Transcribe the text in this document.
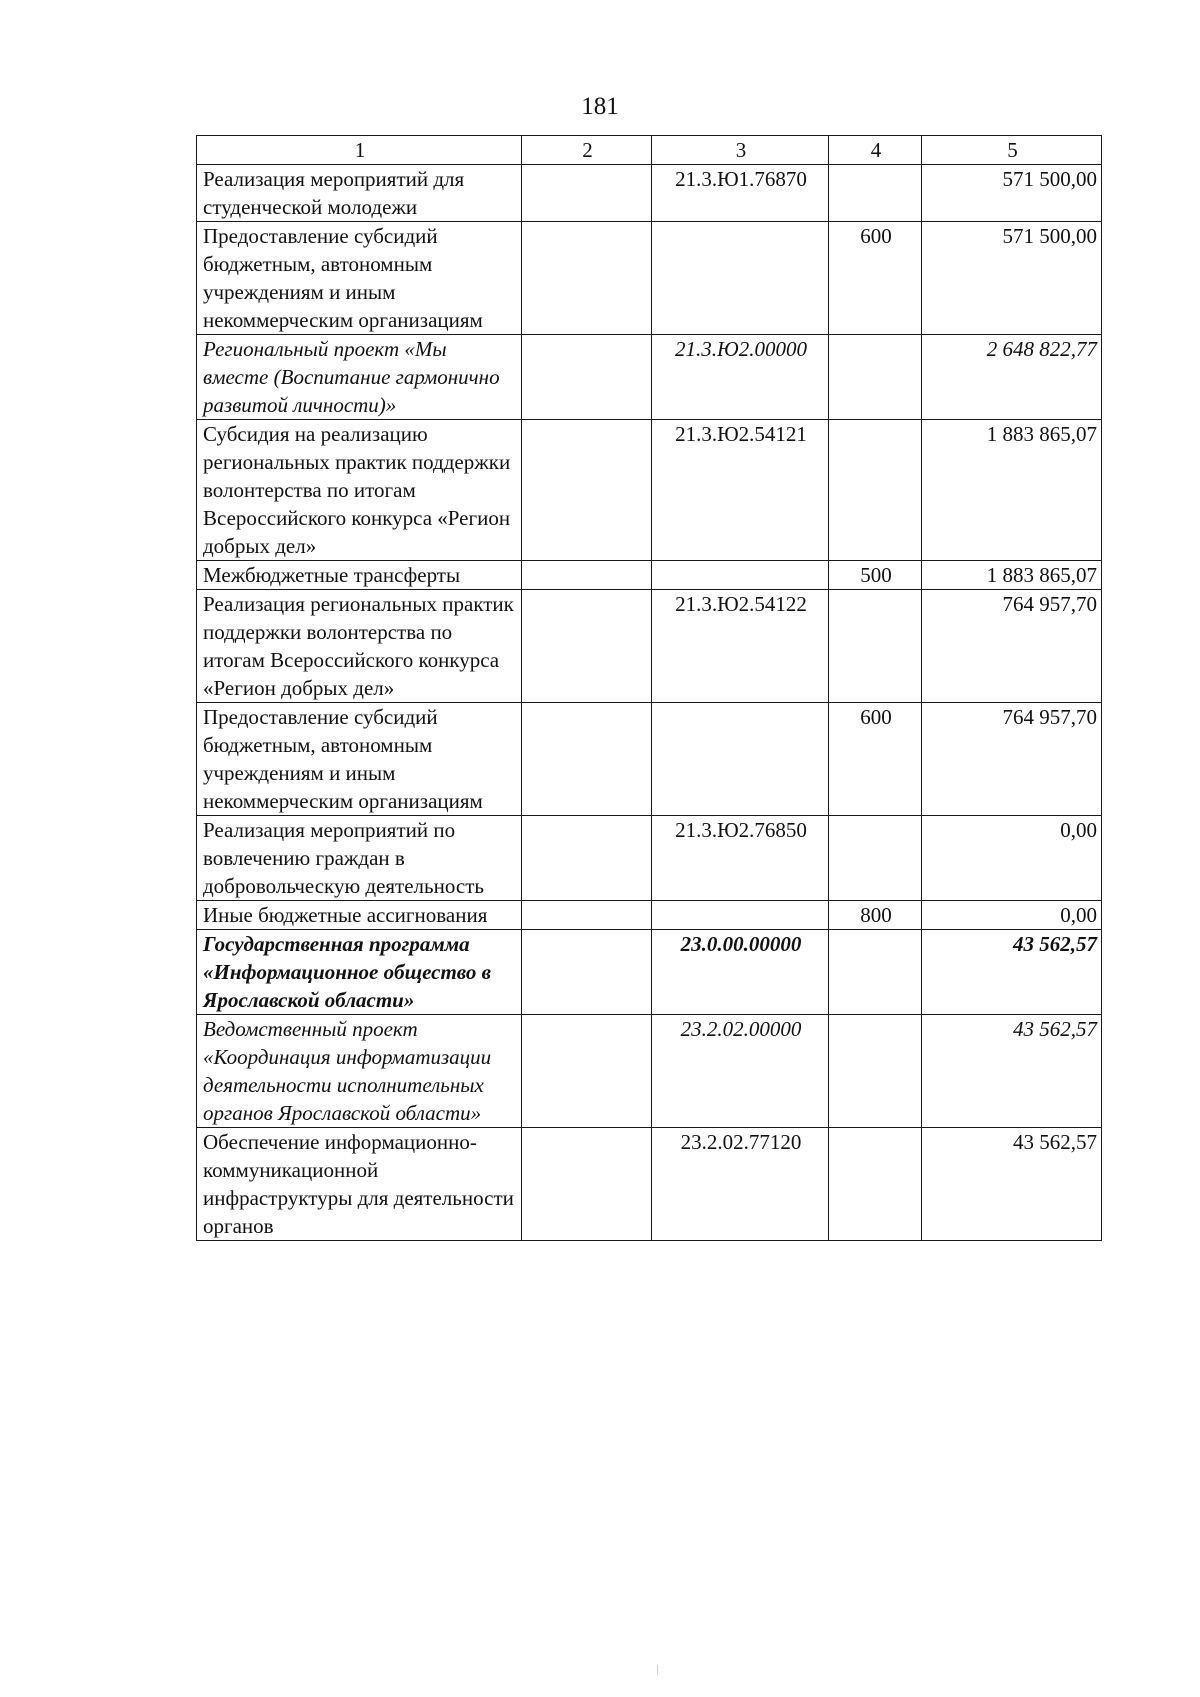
181
1	2	3	4	5
Реализация мероприятий для студенческой молодежи		21.3.Ю1.76870		571 500,00
Предоставление субсидий бюджетным, автономным учреждениям и иным некоммерческим организациям			600	571 500,00
Региональный проект «Мы вместе (Воспитание гармонично развитой личности)»		21.3.Ю2.00000		2 648 822,77
Субсидия на реализацию региональных практик поддержки волонтерства по итогам Всероссийского конкурса «Регион добрых дел»		21.3.Ю2.54121		1 883 865,07
Межбюджетные трансферты			500	1 883 865,07
Реализация региональных практик поддержки волонтерства по итогам Всероссийского конкурса «Регион добрых дел»		21.3.Ю2.54122		764 957,70
Предоставление субсидий бюджетным, автономным учреждениям и иным некоммерческим организациям			600	764 957,70
Реализация мероприятий по вовлечению граждан в добровольческую деятельность		21.3.Ю2.76850		0,00
Иные бюджетные ассигнования			800	0,00
Государственная программа «Информационное общество в Ярославской области»		23.0.00.00000		43 562,57
Ведомственный проект «Координация информатизации деятельности исполнительных органов Ярославской области»		23.2.02.00000		43 562,57
Обеспечение информационно-коммуникационной инфраструктуры для деятельности органов		23.2.02.77120		43 562,57
